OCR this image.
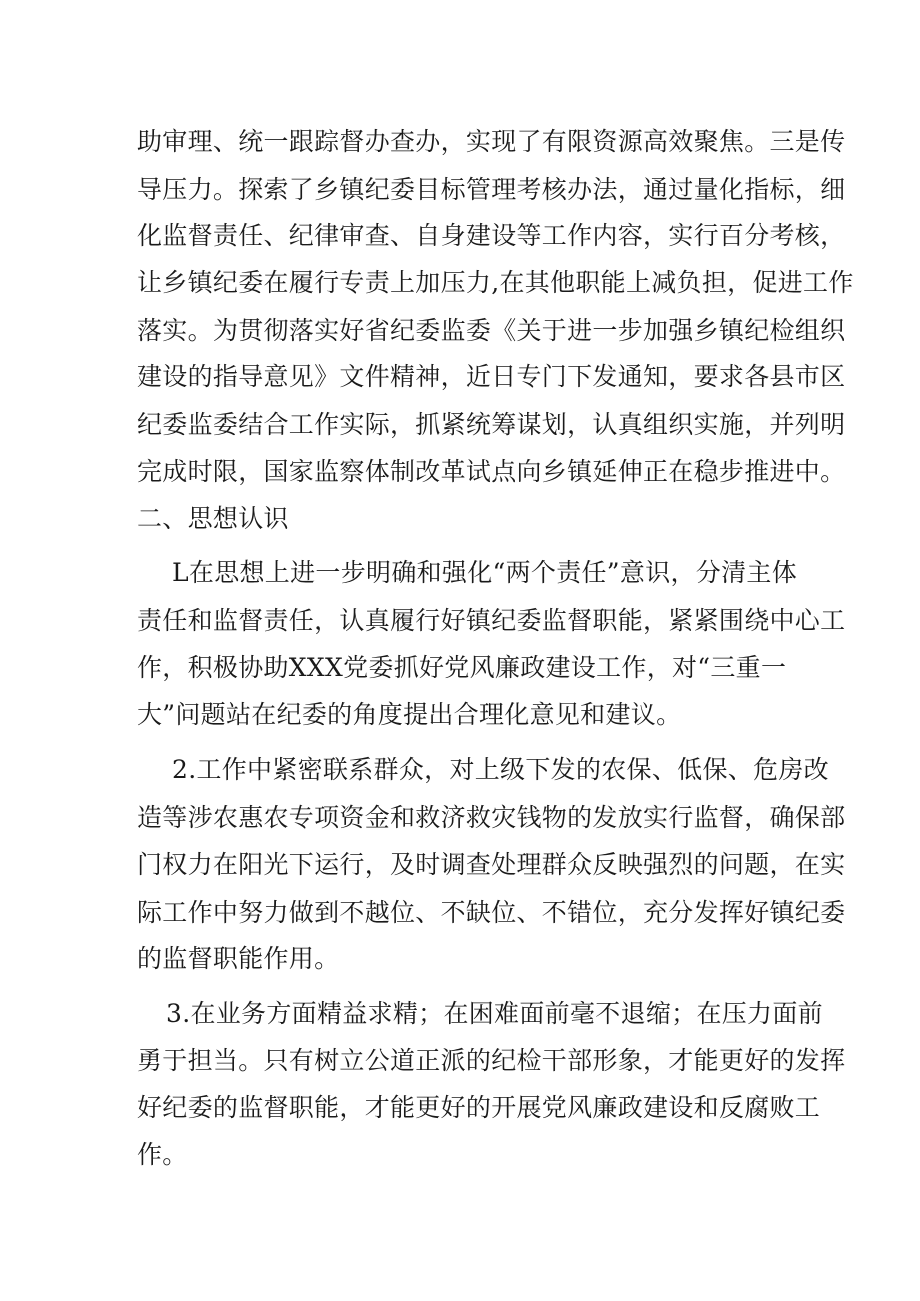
助审理、统一跟踪督办查办，实现了有限资源高效聚焦。三是传
导压力。探索了乡镇纪委目标管理考核办法，通过量化指标，细
化监督责任、纪律审查、自身建设等工作内容，实行百分考核，
让乡镇纪委在履行专责上加压力,在其他职能上减负担，促进工作
落实。为贯彻落实好省纪委监委《关于进一步加强乡镇纪检组织
建设的指导意见》文件精神，近日专门下发通知，要求各县市区
纪委监委结合工作实际，抓紧统筹谋划，认真组织实施，并列明
完成时限，国家监察体制改革试点向乡镇延伸正在稳步推进中。
二、思想认识
L在思想上进一步明确和强化“两个责任”意识，分清主体
责任和监督责任，认真履行好镇纪委监督职能，紧紧围绕中心工
作，积极协助XXX党委抓好党风廉政建设工作，对“三重一
大”问题站在纪委的角度提出合理化意见和建议。
2.工作中紧密联系群众，对上级下发的农保、低保、危房改
造等涉农惠农专项资金和救济救灾钱物的发放实行监督，确保部
门权力在阳光下运行，及时调查处理群众反映强烈的问题，在实
际工作中努力做到不越位、不缺位、不错位，充分发挥好镇纪委
的监督职能作用。
3.在业务方面精益求精；在困难面前毫不退缩；在压力面前
勇于担当。只有树立公道正派的纪检干部形象，才能更好的发挥
好纪委的监督职能，才能更好的开展党风廉政建设和反腐败工
作。
